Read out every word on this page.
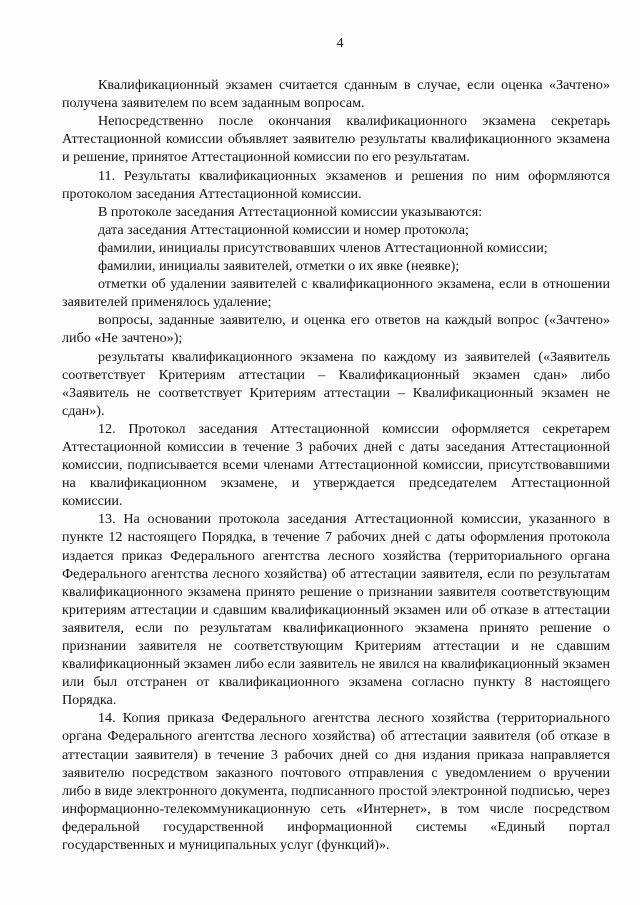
4

Квалификационный экзамен считается сданным в случае, если оценка «Зачтено» получена заявителем по всем заданным вопросам.

Непосредственно после окончания квалификационного экзамена секретарь Аттестационной комиссии объявляет заявителю результаты квалификационного экзамена и решение, принятое Аттестационной комиссии по его результатам.

11. Результаты квалификационных экзаменов и решения по ним оформляются протоколом заседания Аттестационной комиссии.

В протоколе заседания Аттестационной комиссии указываются:

дата заседания Аттестационной комиссии и номер протокола;

фамилии, инициалы присутствовавших членов Аттестационной комиссии;

фамилии, инициалы заявителей, отметки о их явке (неявке);

отметки об удалении заявителей с квалификационного экзамена, если в отношении заявителей применялось удаление;

вопросы, заданные заявителю, и оценка его ответов на каждый вопрос («Зачтено» либо «Не зачтено»);

результаты квалификационного экзамена по каждому из заявителей («Заявитель соответствует Критериям аттестации – Квалификационный экзамен сдан» либо «Заявитель не соответствует Критериям аттестации – Квалификационный экзамен не сдан»).

12. Протокол заседания Аттестационной комиссии оформляется секретарем Аттестационной комиссии в течение 3 рабочих дней с даты заседания Аттестационной комиссии, подписывается всеми членами Аттестационной комиссии, присутствовавшими на квалификационном экзамене, и утверждается председателем Аттестационной комиссии.

13. На основании протокола заседания Аттестационной комиссии, указанного в пункте 12 настоящего Порядка, в течение 7 рабочих дней с даты оформления протокола издается приказ Федерального агентства лесного хозяйства (территориального органа Федерального агентства лесного хозяйства) об аттестации заявителя, если по результатам квалификационного экзамена принято решение о признании заявителя соответствующим критериям аттестации и сдавшим квалификационный экзамен или об отказе в аттестации заявителя, если по результатам квалификационного экзамена принято решение о признании заявителя не соответствующим Критериям аттестации и не сдавшим квалификационный экзамен либо если заявитель не явился на квалификационный экзамен или был отстранен от квалификационного экзамена согласно пункту 8 настоящего Порядка.

14. Копия приказа Федерального агентства лесного хозяйства (территориального органа Федерального агентства лесного хозяйства) об аттестации заявителя (об отказе в аттестации заявителя) в течение 3 рабочих дней со дня издания приказа направляется заявителю посредством заказного почтового отправления с уведомлением о вручении либо в виде электронного документа, подписанного простой электронной подписью, через информационно-телекоммуникационную сеть «Интернет», в том числе посредством федеральной государственной информационной системы «Единый портал государственных и муниципальных услуг (функций)».
